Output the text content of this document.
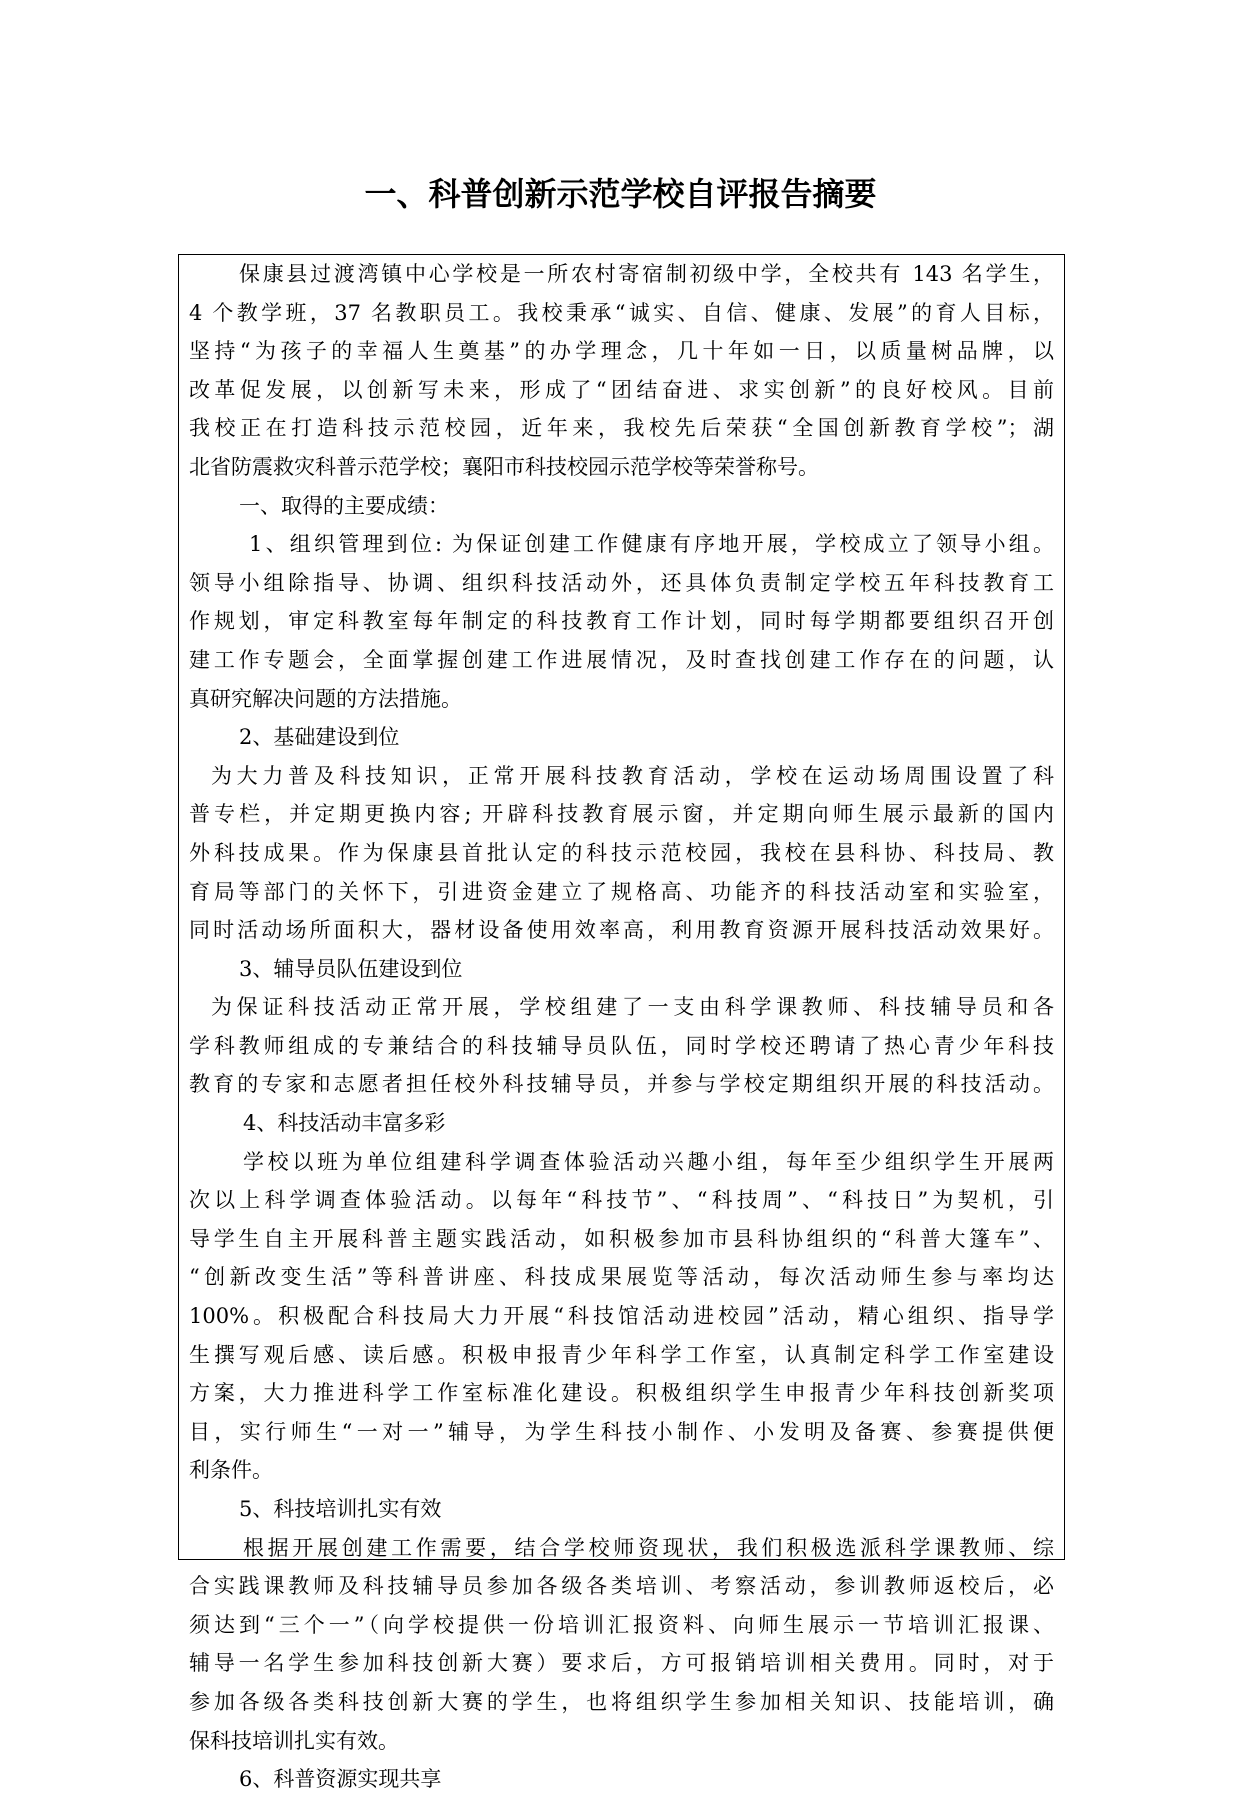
一、科普创新示范学校自评报告摘要

保康县过渡湾镇中心学校是一所农村寄宿制初级中学，全校共有 143 名学生，

4 个教学班，37 名教职员工。我校秉承“诚实、自信、健康、发展”的育人目标，

坚持“为孩子的幸福人生奠基”的办学理念，几十年如一日，以质量树品牌，以

改革促发展，以创新写未来，形成了“团结奋进、求实创新”的良好校风。目前

我校正在打造科技示范校园，近年来，我校先后荣获“全国创新教育学校”；湖

北省防震救灾科普示范学校；襄阳市科技校园示范学校等荣誉称号。

一、取得的主要成绩：

1、组织管理到位: 为保证创建工作健康有序地开展，学校成立了领导小组。

领导小组除指导、协调、组织科技活动外，还具体负责制定学校五年科技教育工

作规划，审定科教室每年制定的科技教育工作计划，同时每学期都要组织召开创

建工作专题会，全面掌握创建工作进展情况，及时查找创建工作存在的问题，认

真研究解决问题的方法措施。

2、基础建设到位

为大力普及科技知识，正常开展科技教育活动，学校在运动场周围设置了科

普专栏，并定期更换内容; 开辟科技教育展示窗，并定期向师生展示最新的国内

外科技成果。作为保康县首批认定的科技示范校园，我校在县科协、科技局、教

育局等部门的关怀下，引进资金建立了规格高、功能齐的科技活动室和实验室，

同时活动场所面积大，器材设备使用效率高，利用教育资源开展科技活动效果好。

3、辅导员队伍建设到位

为保证科技活动正常开展，学校组建了一支由科学课教师、科技辅导员和各

学科教师组成的专兼结合的科技辅导员队伍，同时学校还聘请了热心青少年科技

教育的专家和志愿者担任校外科技辅导员，并参与学校定期组织开展的科技活动。

4、科技活动丰富多彩

学校以班为单位组建科学调查体验活动兴趣小组，每年至少组织学生开展两

次以上科学调查体验活动。以每年“科技节”、“科技周”、“科技日”为契机，引

导学生自主开展科普主题实践活动，如积极参加市县科协组织的“科普大篷车”、

“创新改变生活”等科普讲座、科技成果展览等活动，每次活动师生参与率均达

100%。积极配合科技局大力开展“科技馆活动进校园”活动，精心组织、指导学

生撰写观后感、读后感。积极申报青少年科学工作室，认真制定科学工作室建设

方案，大力推进科学工作室标准化建设。积极组织学生申报青少年科技创新奖项

目，实行师生“一对一”辅导，为学生科技小制作、小发明及备赛、参赛提供便

利条件。

5、科技培训扎实有效

根据开展创建工作需要，结合学校师资现状，我们积极选派科学课教师、综

合实践课教师及科技辅导员参加各级各类培训、考察活动，参训教师返校后，必

须达到“三个一”（向学校提供一份培训汇报资料、向师生展示一节培训汇报课、

辅导一名学生参加科技创新大赛）要求后，方可报销培训相关费用。同时，对于

参加各级各类科技创新大赛的学生，也将组织学生参加相关知识、技能培训，确

保科技培训扎实有效。

6、科普资源实现共享
